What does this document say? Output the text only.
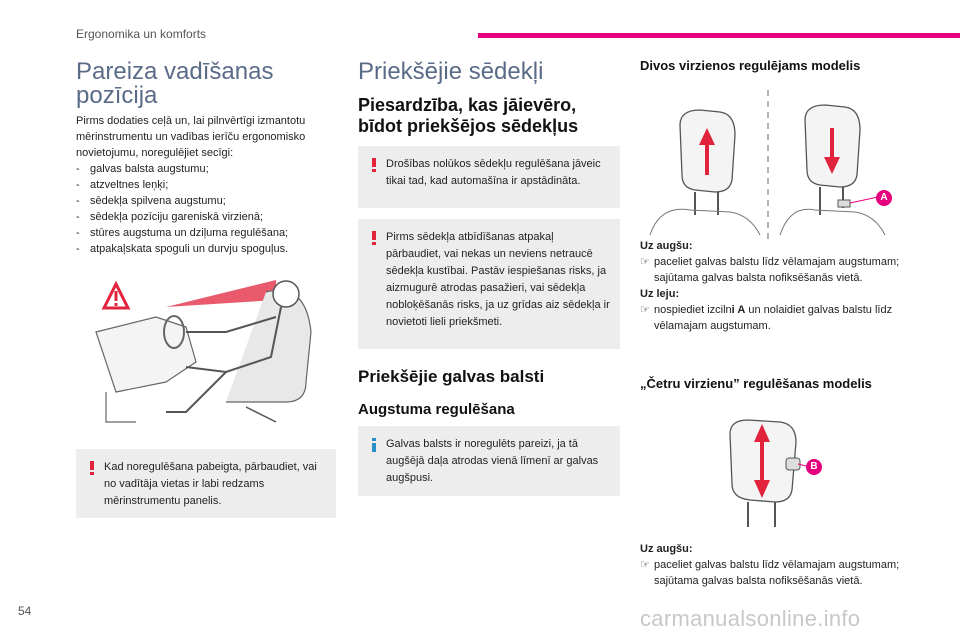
Ergonomika un komforts
Pareiza vadīšanas
pozīcija
Pirms dodaties ceļā un, lai pilnvērtīgi izmantotu mērinstrumentu un vadības ierīču ergonomisko novietojumu, noregulējiet secīgi:
- galvas balsta augstumu;
- atzveltnes leņķi;
- sēdekļa spilvena augstumu;
- sēdekļa pozīciju gareniskā virzienā;
- stūres augstuma un dziļuma regulēšana;
- atpakaļskata spoguli un durvju spoguļus.
Kad noregulēšana pabeigta, pārbaudiet, vai no vadītāja vietas ir labi redzams mērinstrumentu panelis.
Priekšējie sēdekļi
Piesardzība, kas jāievēro,
bīdot priekšējos sēdekļus
Drošības nolūkos sēdekļu regulēšana jāveic tikai tad, kad automašīna ir apstādināta.
Pirms sēdekļa atbīdīšanas atpakaļ pārbaudiet, vai nekas un neviens netraucē sēdekļa kustībai. Pastāv iespiešanas risks, ja aizmugurē atrodas pasažieri, vai sēdekļa nobloķēšanās risks, ja uz grīdas aiz sēdekļa ir novietoti lieli priekšmeti.
Priekšējie galvas balsti
Augstuma regulēšana
Galvas balsts ir noregulēts pareizi, ja tā augšējā daļa atrodas vienā līmenī ar galvas augšpusi.
Divos virzienos regulējams modelis
A
Uz augšu:
☞ paceliet galvas balstu līdz vēlamajam augstumam; sajūtama galvas balsta nofiksēšanās vietā.
Uz leju:
☞ nospiediet izcilni A un nolaidiet galvas balstu līdz vēlamajam augstumam.
„Četru virzienu” regulēšanas modelis
B
Uz augšu:
☞ paceliet galvas balstu līdz vēlamajam augstumam; sajūtama galvas balsta nofiksēšanās vietā.
54	carmanualsonline.info
